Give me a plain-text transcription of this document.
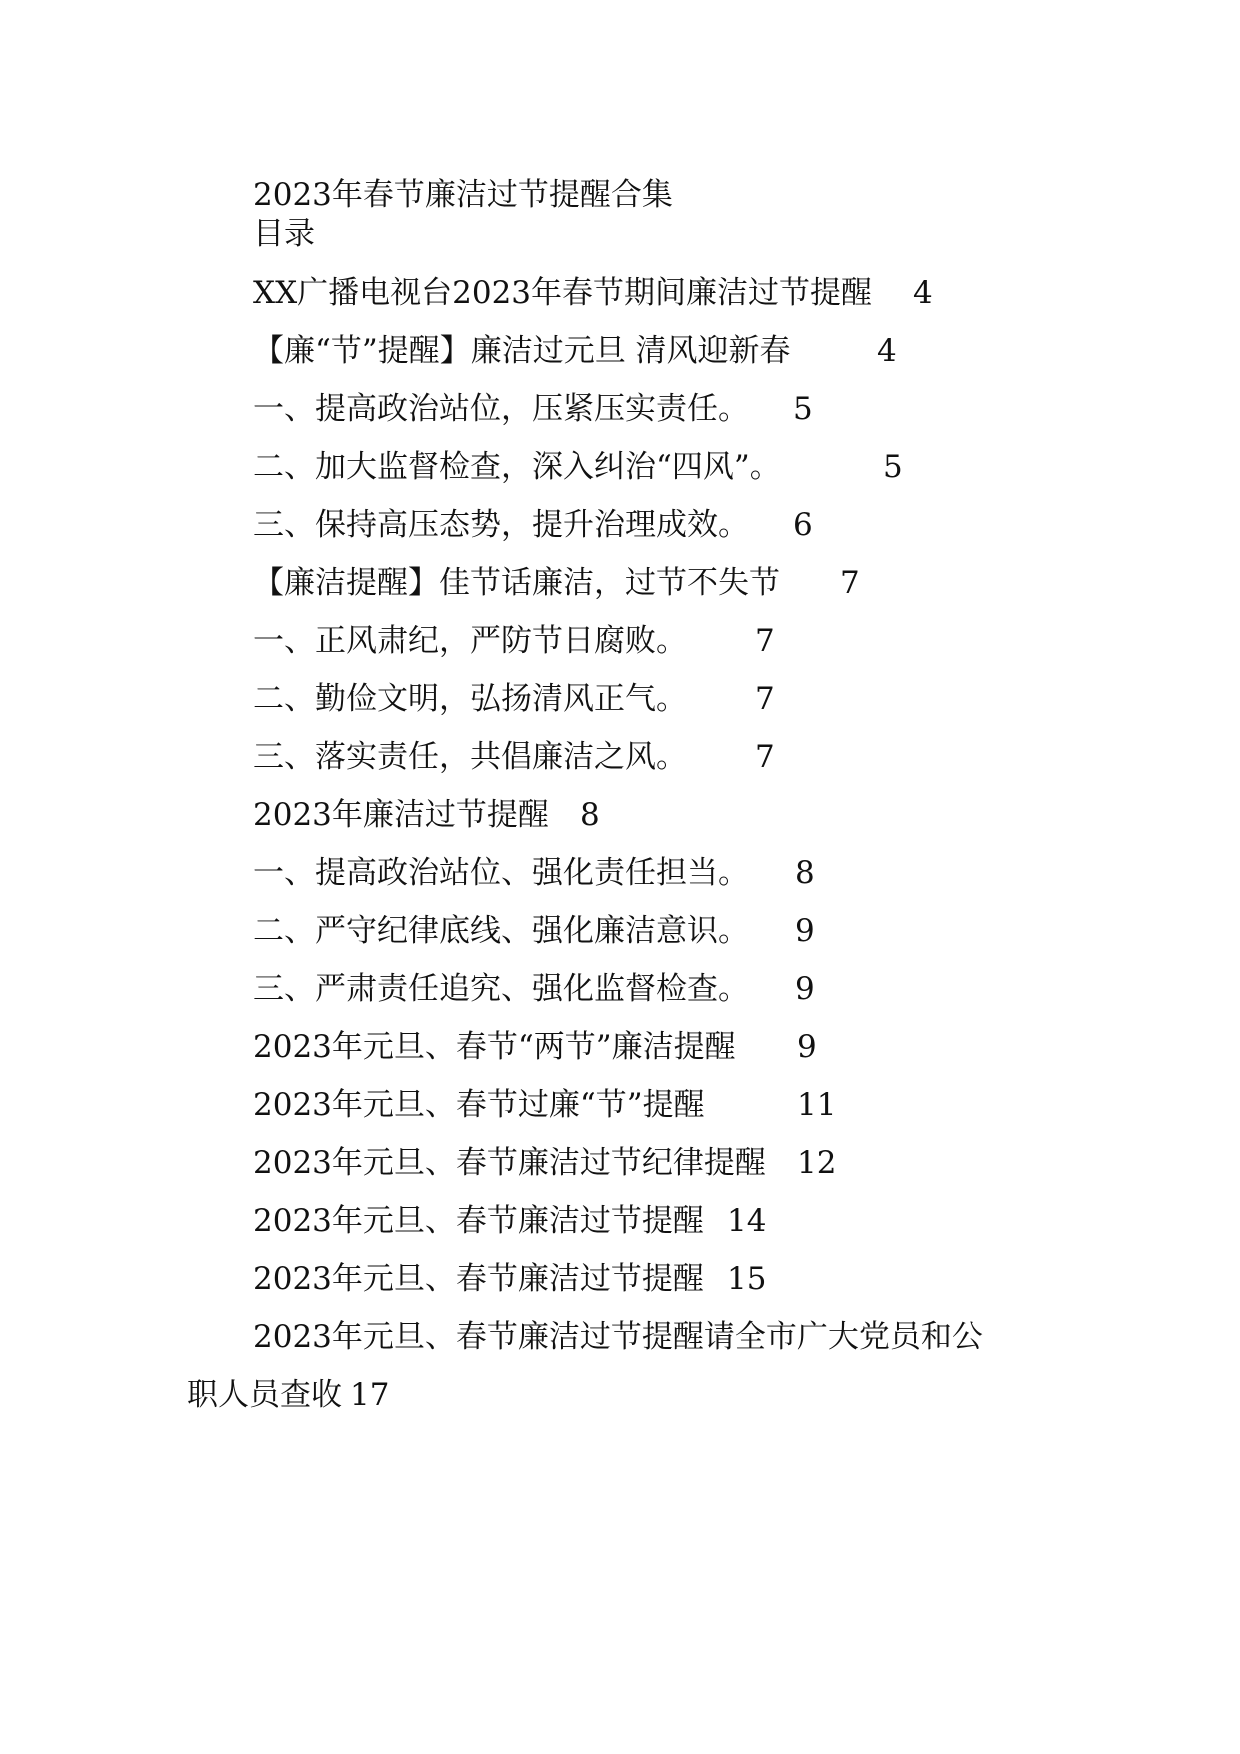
2023年春节廉洁过节提醒合集
目录
XX广播电视台2023年春节期间廉洁过节提醒 4
【廉“节”提醒】廉洁过元旦 清风迎新春	4
一、提高政治站位，压紧压实责任。 5
二、加大监督检查，深入纠治“四风”。	5
三、保持高压态势，提升治理成效。 6
【廉洁提醒】佳节话廉洁，过节不失节 7
一、正风肃纪，严防节日腐败。 7
二、勤俭文明，弘扬清风正气。 7
三、落实责任，共倡廉洁之风。 7
2023年廉洁过节提醒 8
一、提高政治站位、强化责任担当。 8
二、严守纪律底线、强化廉洁意识。 9
三、严肃责任追究、强化监督检查。 9
2023年元旦、春节“两节”廉洁提醒 9
2023年元旦、春节过廉“节”提醒	11
2023年元旦、春节廉洁过节纪律提醒 12
2023年元旦、春节廉洁过节提醒 14
2023年元旦、春节廉洁过节提醒 15
2023年元旦、春节廉洁过节提醒请全市广大党员和公
职人员查收 17
